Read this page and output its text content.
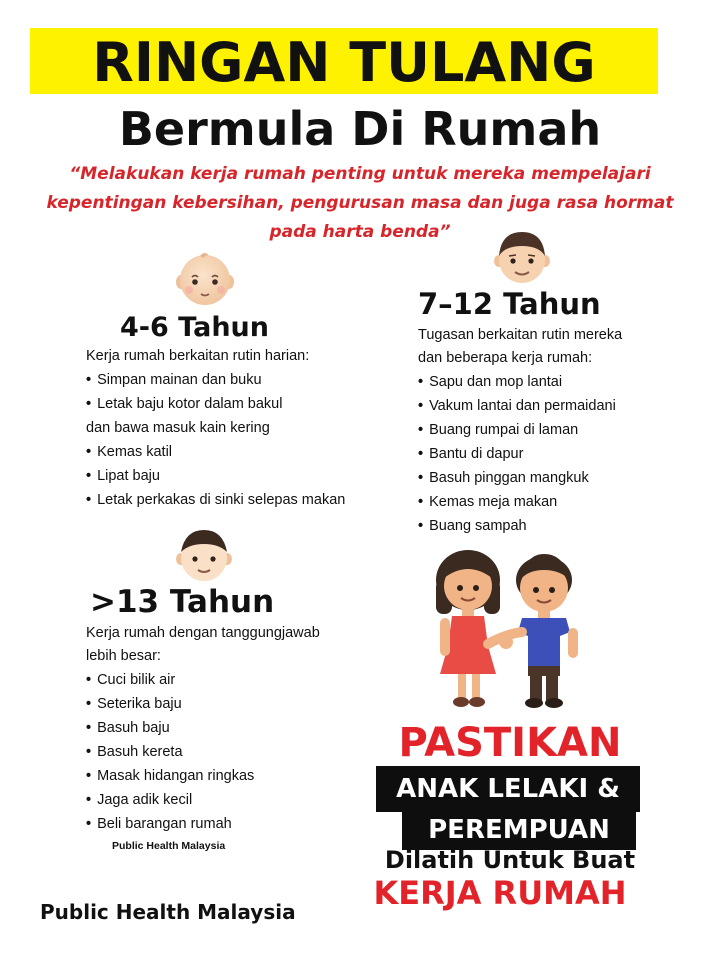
RINGAN TULANG
Bermula Di Rumah
“Melakukan kerja rumah penting untuk mereka mempelajari kepentingan kebersihan, pengurusan masa dan juga rasa hormat pada harta benda”
4-6 Tahun
Kerja rumah berkaitan rutin harian:
• Simpan mainan dan buku
• Letak baju kotor dalam bakul
dan bawa masuk kain kering
• Kemas katil
• Lipat baju
• Letak perkakas di sinki selepas makan
7–12 Tahun
Tugasan berkaitan rutin mereka
dan beberapa kerja rumah:
• Sapu dan mop lantai
• Vakum lantai dan permaidani
• Buang rumpai di laman
• Bantu di dapur
• Basuh pinggan mangkuk
• Kemas meja makan
• Buang sampah
>13 Tahun
Kerja rumah dengan tanggungjawab
lebih besar:
• Cuci bilik air
• Seterika baju
• Basuh baju
• Basuh kereta
• Masak hidangan ringkas
• Jaga adik kecil
• Beli barangan rumah
Public Health Malaysia
Public Health Malaysia
PASTIKAN
ANAK LELAKI &
PEREMPUAN
Dilatih Untuk Buat
KERJA RUMAH
